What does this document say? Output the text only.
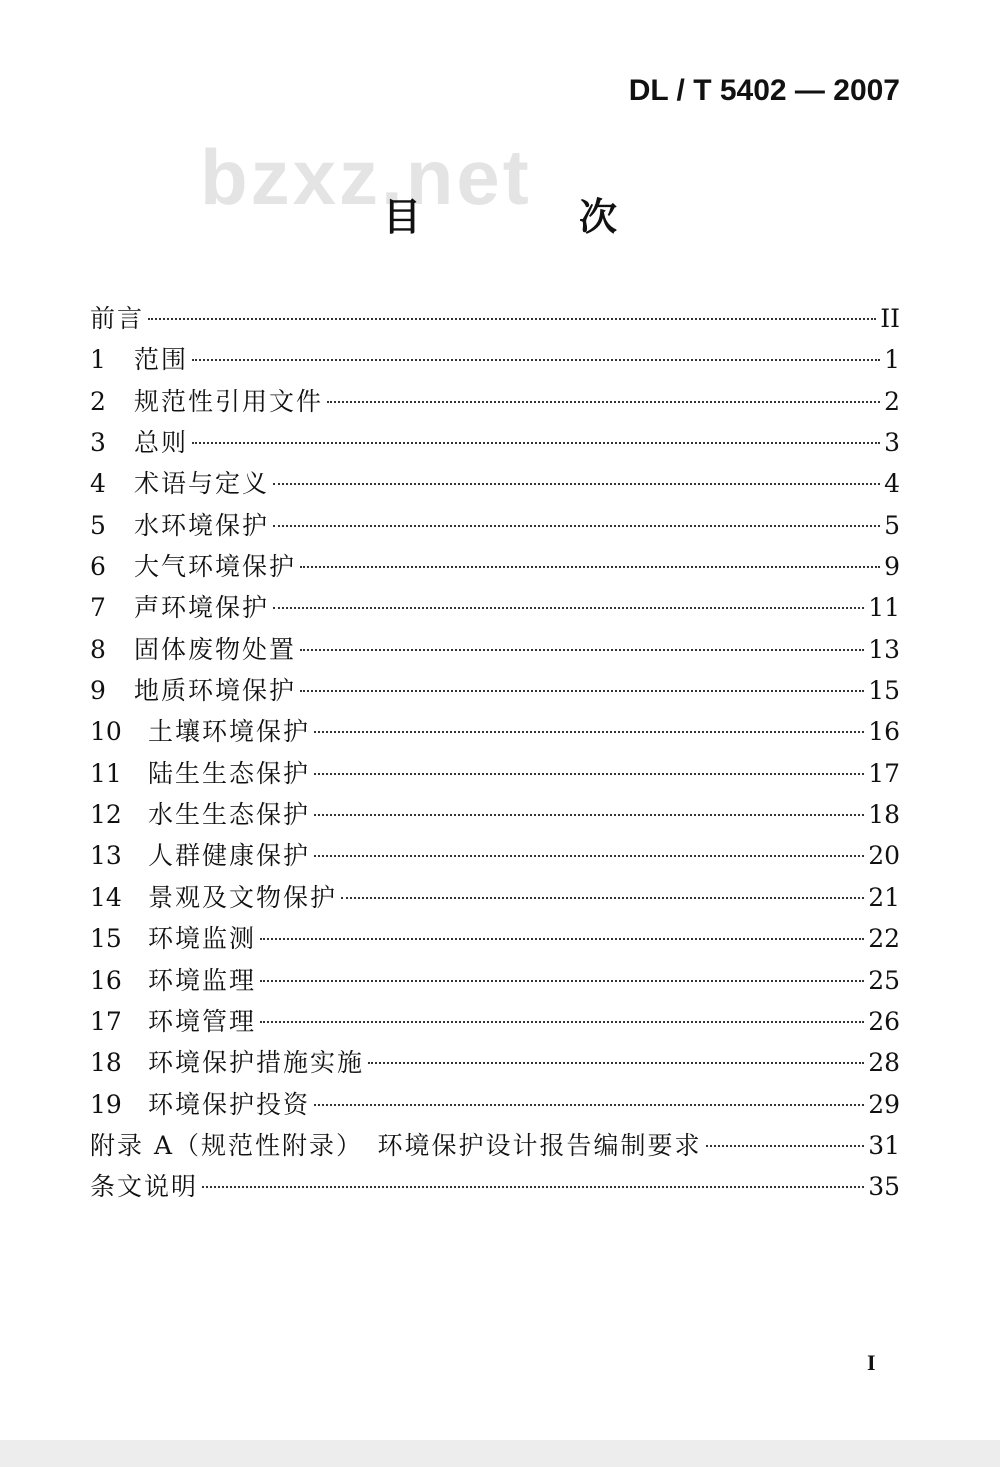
DL / T 5402 — 2007
bzxz.net
目　次
前言	II
1	范围	1
2	规范性引用文件	2
3	总则	3
4	术语与定义	4
5	水环境保护	5
6	大气环境保护	9
7	声环境保护	11
8	固体废物处置	13
9	地质环境保护	15
10	土壤环境保护	16
11	陆生生态保护	17
12	水生生态保护	18
13	人群健康保护	20
14	景观及文物保护	21
15	环境监测	22
16	环境监理	25
17	环境管理	26
18	环境保护措施实施	28
19	环境保护投资	29
附录 A（规范性附录）　环境保护设计报告编制要求	31
条文说明	35
I
